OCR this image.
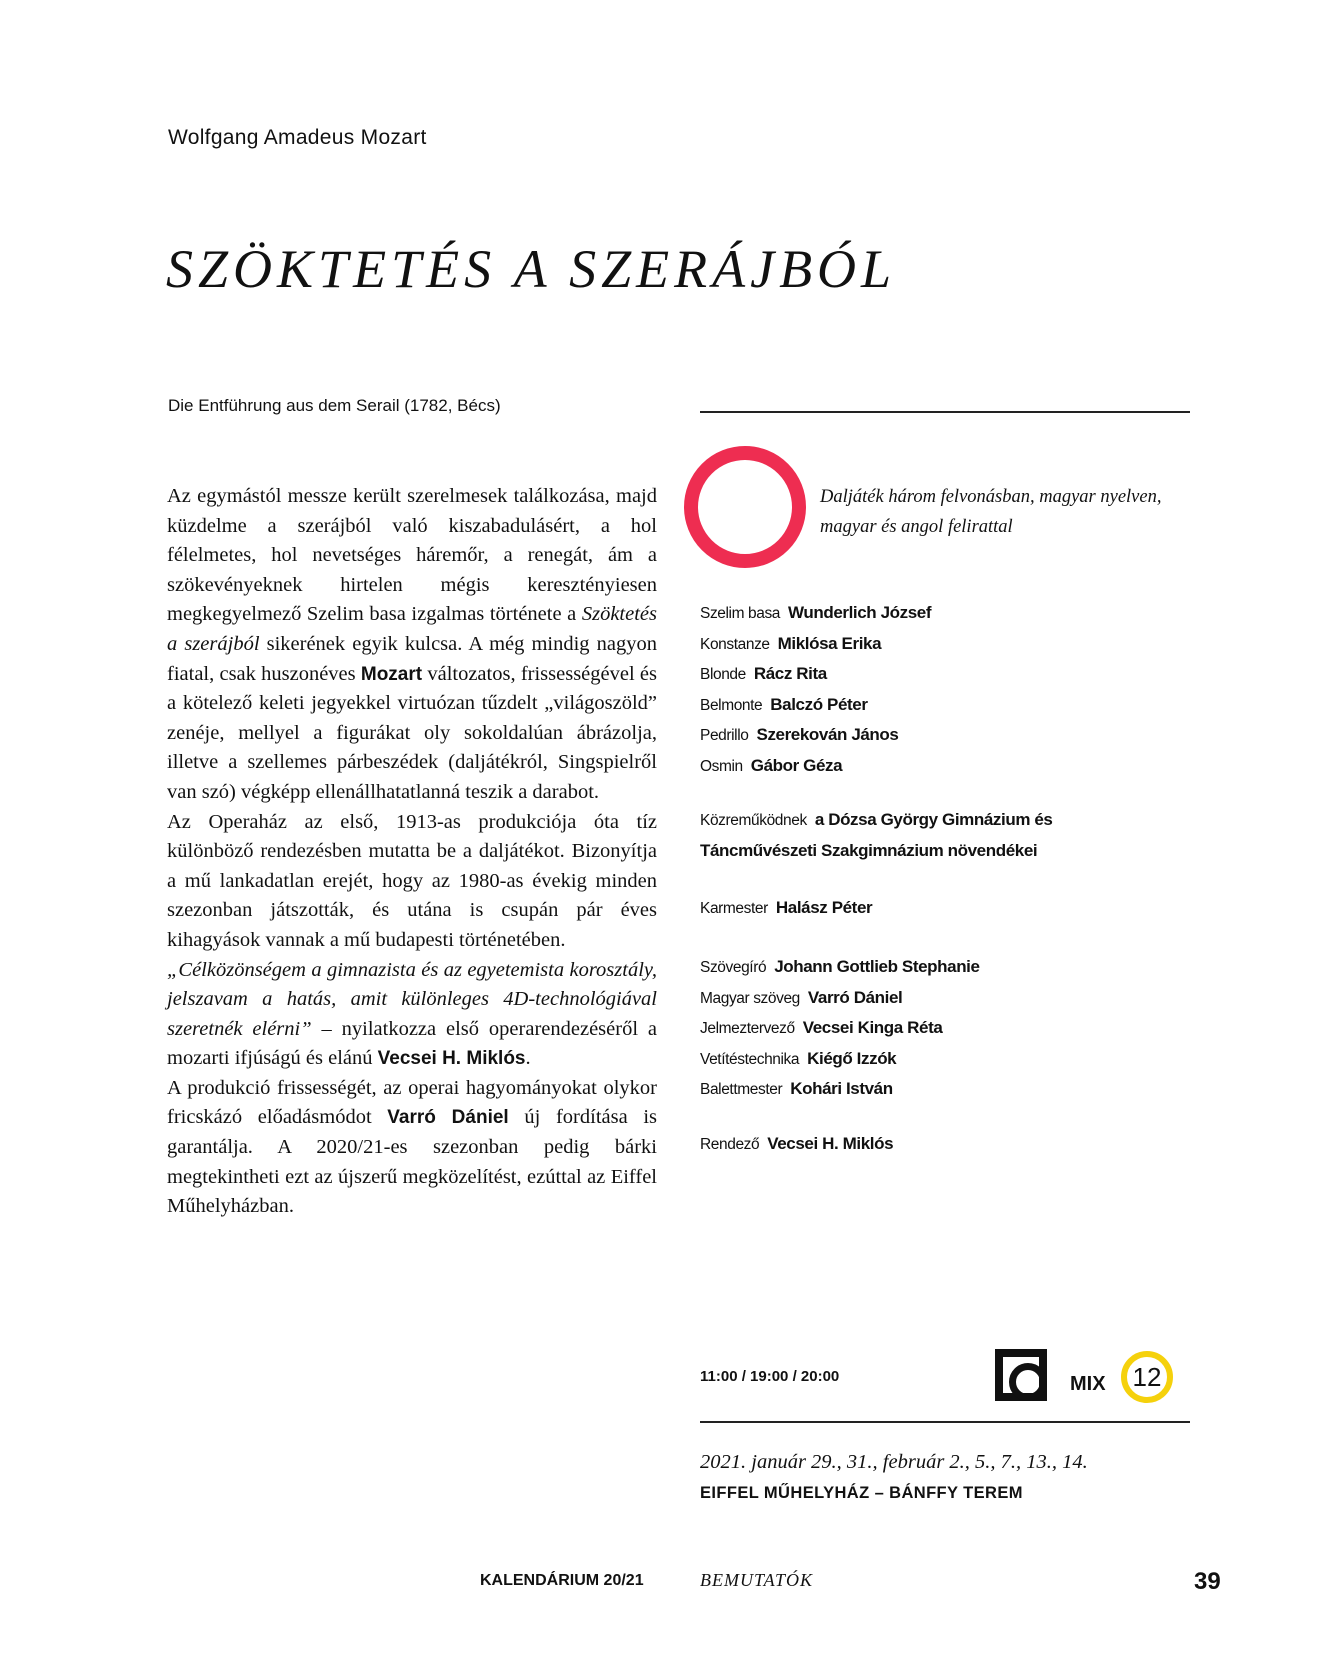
Wolfgang Amadeus Mozart
SZÖKTETÉS A SZERÁJBÓL
Die Entführung aus dem Serail (1782, Bécs)

Az egymástól messze került szerelmesek találkozása, majd küzdelme a szerájból való kiszabadulásért, a hol félelmetes, hol nevetséges háremőr, a renegát, ám a szökevényeknek hirtelen mégis keresztényiesen megkegyelmező Szelim basa izgalmas története a Szöktetés a szerájból sikerének egyik kulcsa. A még mindig nagyon fiatal, csak huszonéves Mozart változatos, frissességével és a kötelező keleti jegyekkel virtuózan tűzdelt „világoszöld” zenéje, mellyel a figurákat oly sokoldalúan ábrázolja, illetve a szellemes párbeszédek (daljátékról, Singspielről van szó) végképp ellenállhatatlanná teszik a darabot.

Az Operaház az első, 1913-as produkciója óta tíz különböző rendezésben mutatta be a daljátékot. Bizonyítja a mű lankadatlan erejét, hogy az 1980-as évekig minden szezonban játszották, és utána is csupán pár éves kihagyások vannak a mű budapesti történetében.

„Célközönségem a gimnazista és az egyetemista korosztály, jelszavam a hatás, amit különleges 4D-technológiával szeretnék elérni” – nyilatkozza első operarendezéséről a mozarti ifjúságú és elánú Vecsei H. Miklós.

A produkció frissességét, az operai hagyományokat olykor fricskázó előadásmódot Varró Dániel új fordítása is garantálja. A 2020/21-es szezonban pedig bárki megtekintheti ezt az újszerű megközelítést, ezúttal az Eiffel Műhelyházban.

Daljáték három felvonásban, magyar nyelven,
magyar és angol felirattal
Szelim basa Wunderlich József
Konstanze Miklósa Erika
Blonde Rácz Rita
Belmonte Balczó Péter
Pedrillo Szerekován János
Osmin Gábor Géza
Közreműködnek a Dózsa György Gimnázium és
Táncművészeti Szakgimnázium növendékei
Karmester Halász Péter
Szövegíró Johann Gottlieb Stephanie
Magyar szöveg Varró Dániel
Jelmeztervező Vecsei Kinga Réta
Vetítéstechnika Kiégő Izzók
Balettmester Kohári István
Rendező Vecsei H. Miklós
11:00 / 19:00 / 20:00	MIX	12
2021. január 29., 31., február 2., 5., 7., 13., 14.
EIFFEL MŰHELYHÁZ – BÁNFFY TEREM
KALENDÁRIUM 20/21	BEMUTATÓK	39
